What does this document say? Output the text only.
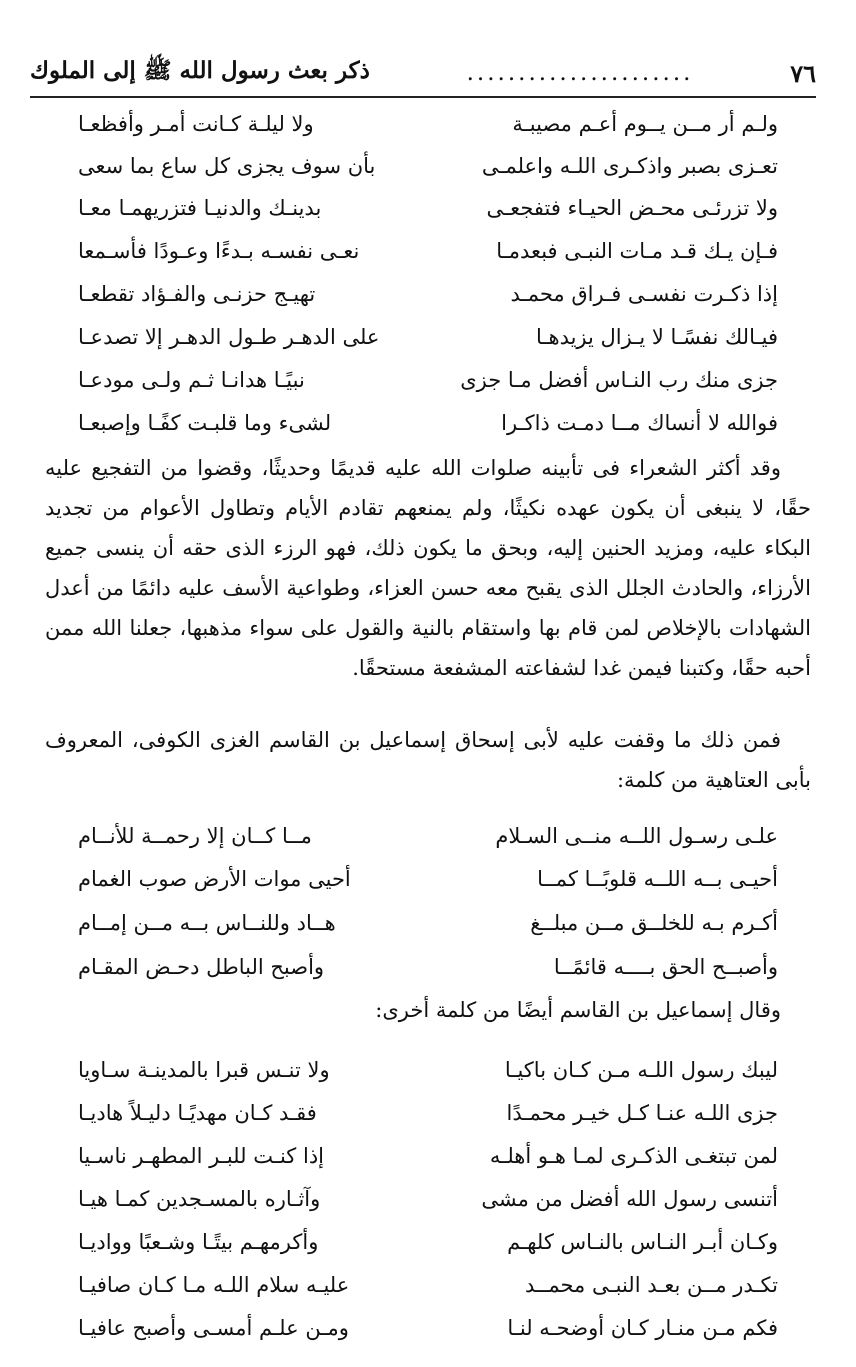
٧٦
......................
ذكر بعث رسول الله ﷺ إلى الملوك
ولـم أر مــن يــوم أعـم مصيبـة
ولا ليلـة كـانت أمـر وأفظعـا
تعـزى بصبر واذكـرى اللـه واعلمـى
بأن سوف يجزى كل ساع بما سعى
ولا تزرئـى محـض الحيـاء فتفجعـى
بدينـك والدنيـا فتزريهمـا معـا
فـإن يـك قـد مـات النبـى فبعدمـا
نعـى نفسـه بـدءًا وعـودًا فأسـمعا
إذا ذكـرت نفسـى فـراق محمـد
تهيـج حزنـى والفـؤاد تقطعـا
فيـالك نفسًـا لا يـزال يزيدهـا
على الدهـر طـول الدهـر إلا تصدعـا
جزى منك رب النـاس أفضل مـا جزى
نبيًـا هدانـا ثـم ولـى مودعـا
فوالله لا أنساك مــا دمـت ذاكـرا
لشىء وما قلبـت كفًـا وإصبعـا

وقد أكثر الشعراء فى تأبينه صلوات الله عليه قديمًا وحديثًا، وقضوا من التفجيع عليه حقًا، لا ينبغى أن يكون عهده نكيثًا، ولم يمنعهم تقادم الأيام وتطاول الأعوام من تجديد البكاء عليه، ومزيد الحنين إليه، وبحق ما يكون ذلك، فهو الرزء الذى حقه أن ينسى جميع الأرزاء، والحادث الجلل الذى يقبح معه حسن العزاء، وطواعية الأسف عليه دائمًا من أعدل الشهادات بالإخلاص لمن قام بها واستقام بالنية والقول على سواء مذهبها، جعلنا الله ممن أحبه حقًا، وكتبنا فيمن غدا لشفاعته المشفعة مستحقًا.

فمن ذلك ما وقفت عليه لأبى إسحاق إسماعيل بن القاسم الغزى الكوفى، المعروف بأبى العتاهية من كلمة:

علـى رسـول اللــه منــى السـلام
مــا كــان إلا رحمــة للأنــام
أحيـى بــه اللــه قلوبًــا كمــا
أحيى موات الأرض صوب الغمام
أكـرم بـه للخلــق مــن مبلــغ
هــاد وللنــاس بــه مــن إمــام
وأصبــح الحق بــــه قائمًــا
وأصبح الباطل دحـض المقـام

وقال إسماعيل بن القاسم أيضًا من كلمة أخرى:

ليبك رسول اللـه مـن كـان باكيـا
ولا تنـس قبرا بالمدينـة سـاويا
جزى اللـه عنـا كـل خيـر محمـدًا
فقـد كـان مهديًـا دليـلاً هاديـا
لمن تبتغـى الذكـرى لمـا هـو أهلـه
إذا كنـت للبـر المطهـر ناسـيا
أتنسى رسول الله أفضل من مشى
وآثـاره بالمسـجدين كمـا هيـا
وكـان أبـر النـاس بالنـاس كلهـم
وأكرمهـم بيتًـا وشـعبًا وواديـا
تكـدر مــن بعـد النبـى محمــد
عليـه سلام اللـه مـا كـان صافيـا
فكم مـن منـار كـان أوضحـه لنـا
ومـن علـم أمسـى وأصبح عافيـا
